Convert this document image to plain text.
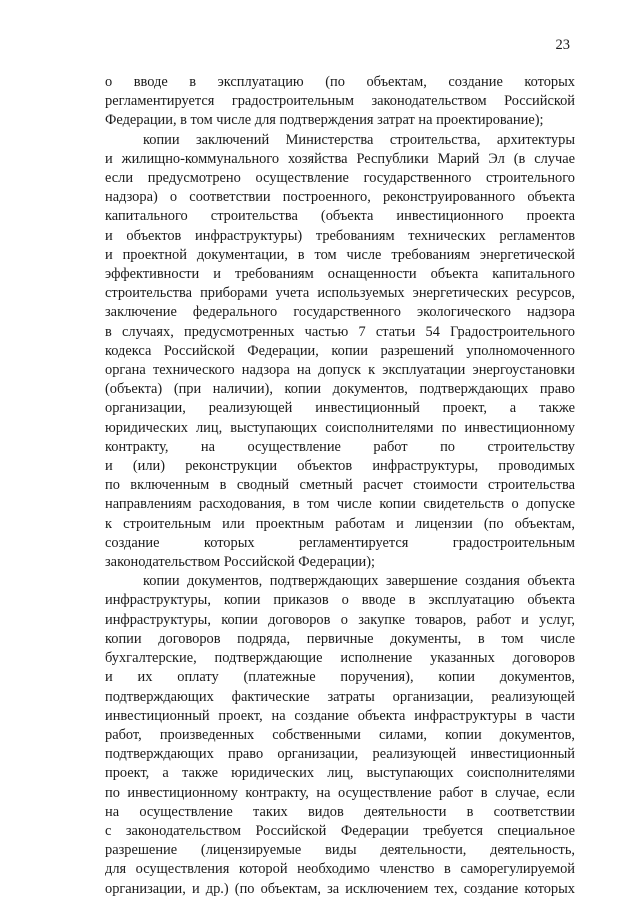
23
о вводе в эксплуатацию (по объектам, создание которых
регламентируется градостроительным законодательством Российской
Федерации, в том числе для подтверждения затрат на проектирование);
копии заключений Министерства строительства, архитектуры
и жилищно-коммунального хозяйства Республики Марий Эл (в случае
если предусмотрено осуществление государственного строительного
надзора) о соответствии построенного, реконструированного объекта
капитального строительства (объекта инвестиционного проекта
и объектов инфраструктуры) требованиям технических регламентов
и проектной документации, в том числе требованиям энергетической
эффективности и требованиям оснащенности объекта капитального
строительства приборами учета используемых энергетических ресурсов,
заключение федерального государственного экологического надзора
в случаях, предусмотренных частью 7 статьи 54 Градостроительного
кодекса Российской Федерации, копии разрешений уполномоченного
органа технического надзора на допуск к эксплуатации энергоустановки
(объекта) (при наличии), копии документов, подтверждающих право
организации, реализующей инвестиционный проект, а также
юридических лиц, выступающих соисполнителями по инвестиционному
контракту, на осуществление работ по строительству
и (или) реконструкции объектов инфраструктуры, проводимых
по включенным в сводный сметный расчет стоимости строительства
направлениям расходования, в том числе копии свидетельств о допуске
к строительным или проектным работам и лицензии (по объектам,
создание которых регламентируется градостроительным
законодательством Российской Федерации);
копии документов, подтверждающих завершение создания объекта
инфраструктуры, копии приказов о вводе в эксплуатацию объекта
инфраструктуры, копии договоров о закупке товаров, работ и услуг,
копии договоров подряда, первичные документы, в том числе
бухгалтерские, подтверждающие исполнение указанных договоров
и их оплату (платежные поручения), копии документов,
подтверждающих фактические затраты организации, реализующей
инвестиционный проект, на создание объекта инфраструктуры в части
работ, произведенных собственными силами, копии документов,
подтверждающих право организации, реализующей инвестиционный
проект, а также юридических лиц, выступающих соисполнителями
по инвестиционному контракту, на осуществление работ в случае, если
на осуществление таких видов деятельности в соответствии
с законодательством Российской Федерации требуется специальное
разрешение (лицензируемые виды деятельности, деятельность,
для осуществления которой необходимо членство в саморегулируемой
организации, и др.) (по объектам, за исключением тех, создание которых
